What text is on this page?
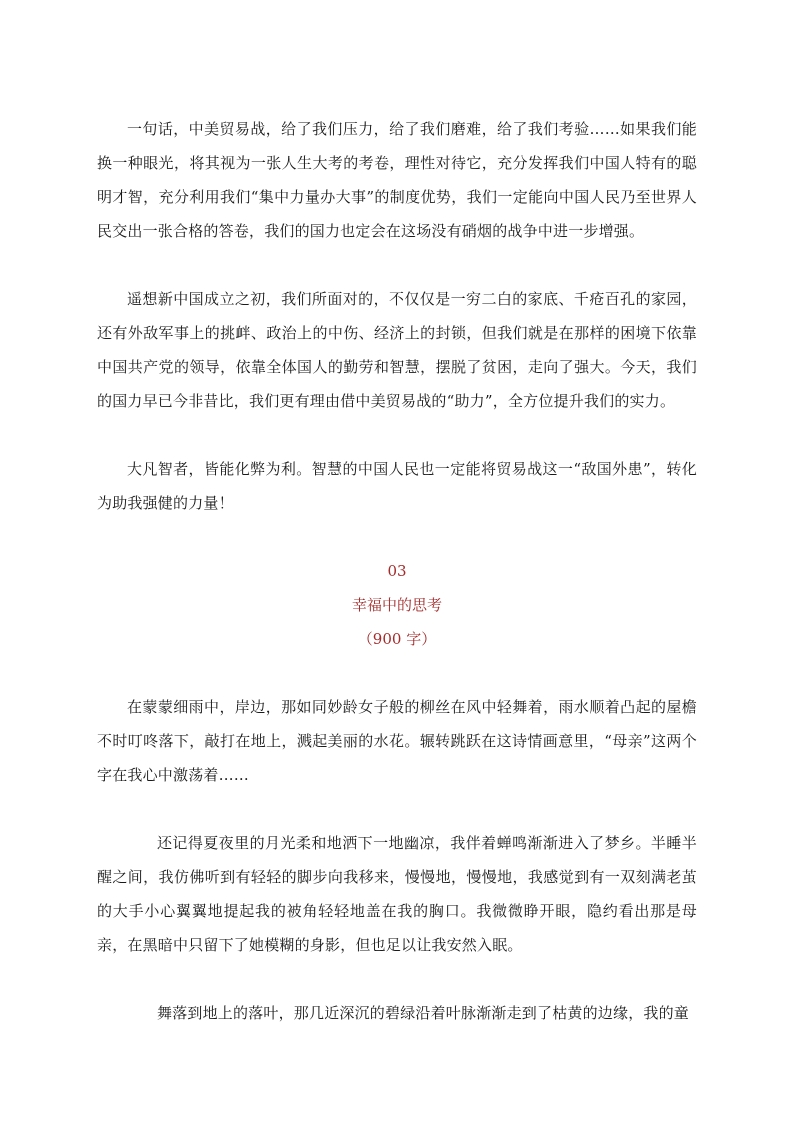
一句话，中美贸易战，给了我们压力，给了我们磨难，给了我们考验……如果我们能换一种眼光，将其视为一张人生大考的考卷，理性对待它，充分发挥我们中国人特有的聪明才智，充分利用我们“集中力量办大事”的制度优势，我们一定能向中国人民乃至世界人民交出一张合格的答卷，我们的国力也定会在这场没有硝烟的战争中进一步增强。

遥想新中国成立之初，我们所面对的，不仅仅是一穷二白的家底、千疮百孔的家园，还有外敌军事上的挑衅、政治上的中伤、经济上的封锁，但我们就是在那样的困境下依靠中国共产党的领导，依靠全体国人的勤劳和智慧，摆脱了贫困，走向了强大。今天，我们的国力早已今非昔比，我们更有理由借中美贸易战的“助力”，全方位提升我们的实力。

大凡智者，皆能化弊为利。智慧的中国人民也一定能将贸易战这一“敌国外患”，转化为助我强健的力量！

03

幸福中的思考

（900 字）

在蒙蒙细雨中，岸边，那如同妙龄女子般的柳丝在风中轻舞着，雨水顺着凸起的屋檐不时叮咚落下，敲打在地上，溅起美丽的水花。辗转跳跃在这诗情画意里，“母亲”这两个字在我心中激荡着……

还记得夏夜里的月光柔和地洒下一地幽凉，我伴着蝉鸣渐渐进入了梦乡。半睡半醒之间，我仿佛听到有轻轻的脚步向我移来，慢慢地，慢慢地，我感觉到有一双刻满老茧的大手小心翼翼地提起我的被角轻轻地盖在我的胸口。我微微睁开眼，隐约看出那是母亲，在黑暗中只留下了她模糊的身影，但也足以让我安然入眠。

舞落到地上的落叶，那几近深沉的碧绿沿着叶脉渐渐走到了枯黄的边缘，我的童
